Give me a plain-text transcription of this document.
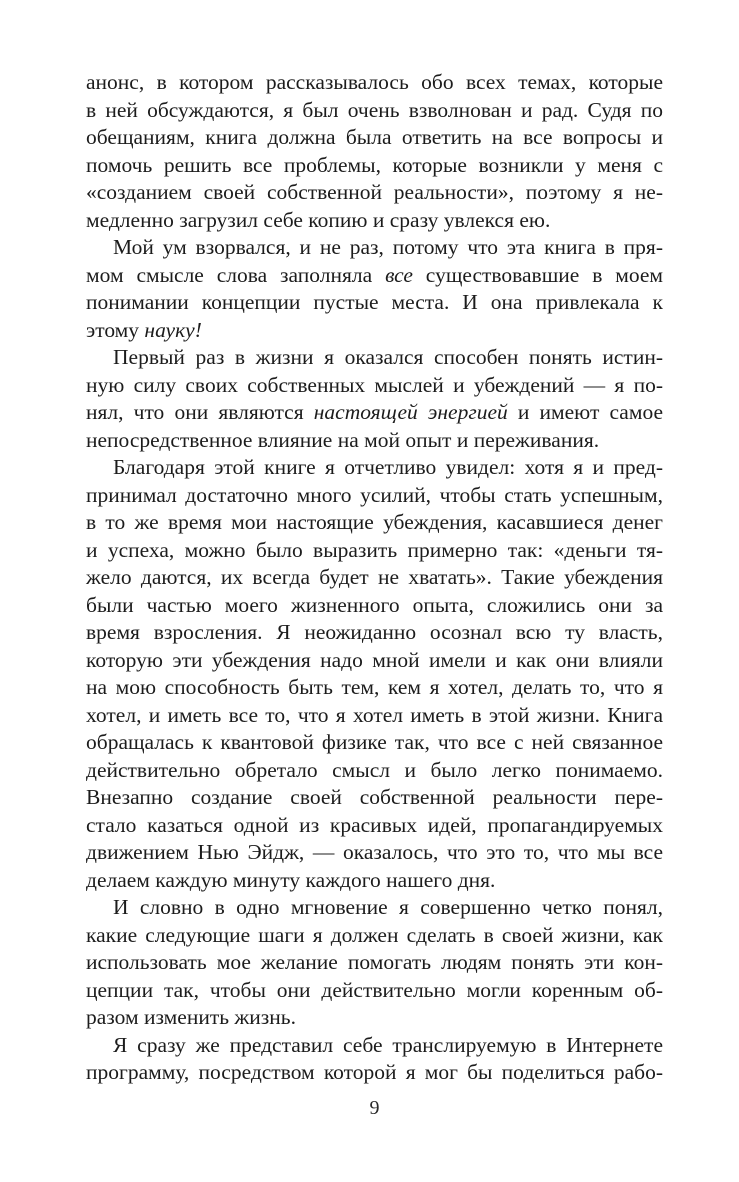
анонс, в котором рассказывалось обо всех темах, которые
в ней обсуждаются, я был очень взволнован и рад. Судя по
обещаниям, книга должна была ответить на все вопросы и
помочь решить все проблемы, которые возникли у меня с
«созданием своей собственной реальности», поэтому я не-
медленно загрузил себе копию и сразу увлекся ею.
Мой ум взорвался, и не раз, потому что эта книга в пря-
мом смысле слова заполняла все существовавшие в моем
понимании концепции пустые места. И она привлекала к
этому науку!
Первый раз в жизни я оказался способен понять истин-
ную силу своих собственных мыслей и убеждений — я по-
нял, что они являются настоящей энергией и имеют самое
непосредственное влияние на мой опыт и переживания.
Благодаря этой книге я отчетливо увидел: хотя я и пред-
принимал достаточно много усилий, чтобы стать успешным,
в то же время мои настоящие убеждения, касавшиеся денег
и успеха, можно было выразить примерно так: «деньги тя-
жело даются, их всегда будет не хватать». Такие убеждения
были частью моего жизненного опыта, сложились они за
время взросления. Я неожиданно осознал всю ту власть,
которую эти убеждения надо мной имели и как они влияли
на мою способность быть тем, кем я хотел, делать то, что я
хотел, и иметь все то, что я хотел иметь в этой жизни. Книга
обращалась к квантовой физике так, что все с ней связанное
действительно обретало смысл и было легко понимаемо.
Внезапно создание своей собственной реальности пере-
стало казаться одной из красивых идей, пропагандируемых
движением Нью Эйдж, — оказалось, что это то, что мы все
делаем каждую минуту каждого нашего дня.
И словно в одно мгновение я совершенно четко понял,
какие следующие шаги я должен сделать в своей жизни, как
использовать мое желание помогать людям понять эти кон-
цепции так, чтобы они действительно могли коренным об-
разом изменить жизнь.
Я сразу же представил себе транслируемую в Интернете
программу, посредством которой я мог бы поделиться рабо-
9
